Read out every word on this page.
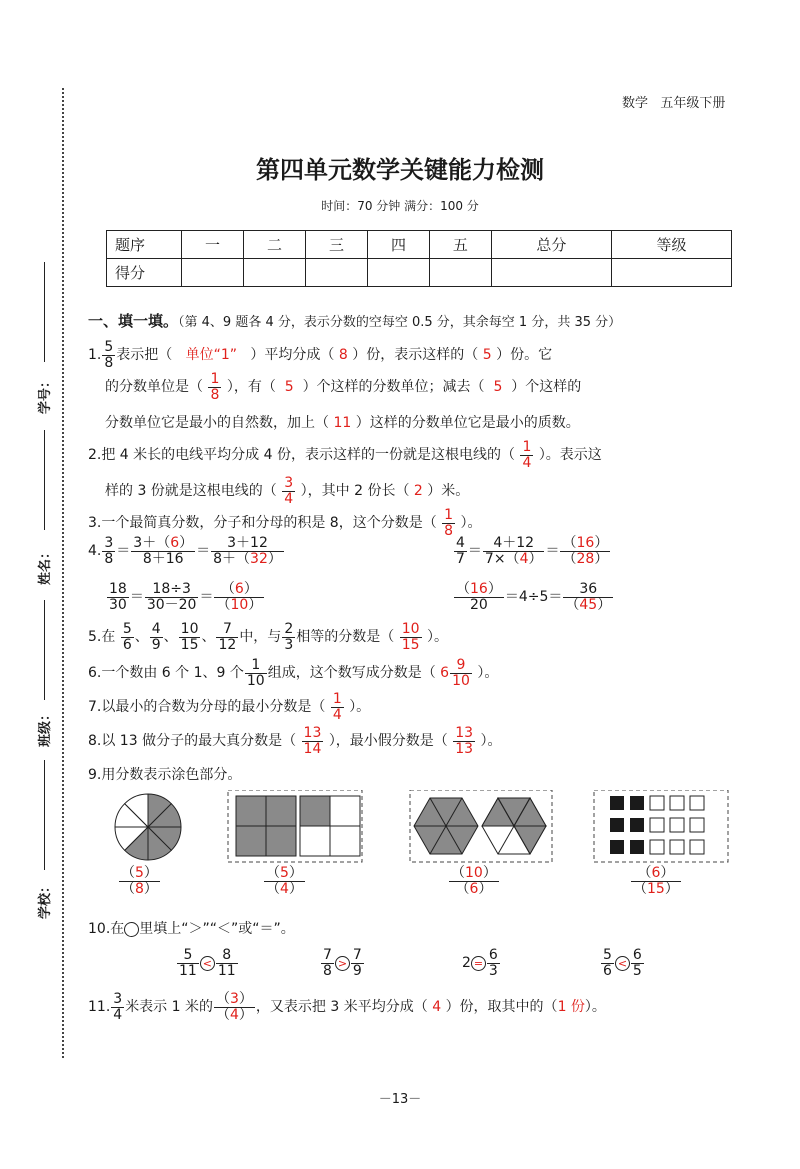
学号：
姓名：
班级：
学校：
数学 五年级下册
第四单元数学关键能力检测
时间：70 分钟 满分：100 分
题序	一	二	三	四	五	总分	等级
得分							
一、填一填。（第 4、9 题各 4 分，表示分数的空每空 0.5 分，其余每空 1 分，共 35 分）
1. $\frac{5}{8}$ 表示把（ 单位“1” ）平均分成（ 8 ）份，表示这样的（ 5 ）份。它
的分数单位是（ $\frac{1}{8}$ ），有（ 5 ）个这样的分数单位；减去（ 5 ）个这样的
分数单位它是最小的自然数，加上（ 11 ）这样的分数单位它是最小的质数。
2.把 4 米长的电线平均分成 4 份，表示这样的一份就是这根电线的（ $\frac{1}{4}$ ）。表示这
样的 3 份就是这根电线的（ $\frac{3}{4}$ ），其中 2 份长（ 2 ）米。
3.一个最简真分数，分子和分母的积是 8，这个分数是（ $\frac{1}{8}$ ）。
4. $\frac{3}{8} = \frac{3+(6)}{8+16} = \frac{3+12}{8+(32)}$	$\frac{4}{7} = \frac{4+12}{7\times(4)} = \frac{(16)}{(28)}$
$\frac{18}{30} = \frac{18\div 3}{30-20} = \frac{(6)}{(10)}$	$\frac{(16)}{20} =4\div 5= \frac{36}{(45)}$
5.在 $\frac{5}{6}$ 、 $\frac{4}{9}$ 、 $\frac{10}{15}$ 、 $\frac{7}{12}$ 中，与 $\frac{2}{3}$ 相等的分数是（ $\frac{10}{15}$ ）。
6.一个数由 6 个 1、9 个 $\frac{1}{10}$ 组成，这个数写成分数是（ $6 \frac{9}{10}$ ）。
7.以最小的合数为分母的最小分数是（ $\frac{1}{4}$ ）。
8.以 13 做分子的最大真分数是（ $\frac{13}{14}$ ），最小假分数是（ $\frac{13}{13}$ ）。
9.用分数表示涂色部分。
$\frac{(5)}{(8)}$	$\frac{(5)}{(4)}$	$\frac{(10)}{(6)}$	$\frac{(6)}{(15)}$
10.在 里填上“＞”“＜”或“＝”。
$\frac{5}{11} < \frac{8}{11}$	$\frac{7}{8} > \frac{7}{9}$	$2 = \frac{6}{3}$	$\frac{5}{6} < \frac{6}{5}$
11. $\frac{3}{4}$ 米表示 1 米的 $\frac{(3)}{(4)}$ ，又表示把 3 米平均分成（ 4 ）份，取其中的（1 份）。
－13－
